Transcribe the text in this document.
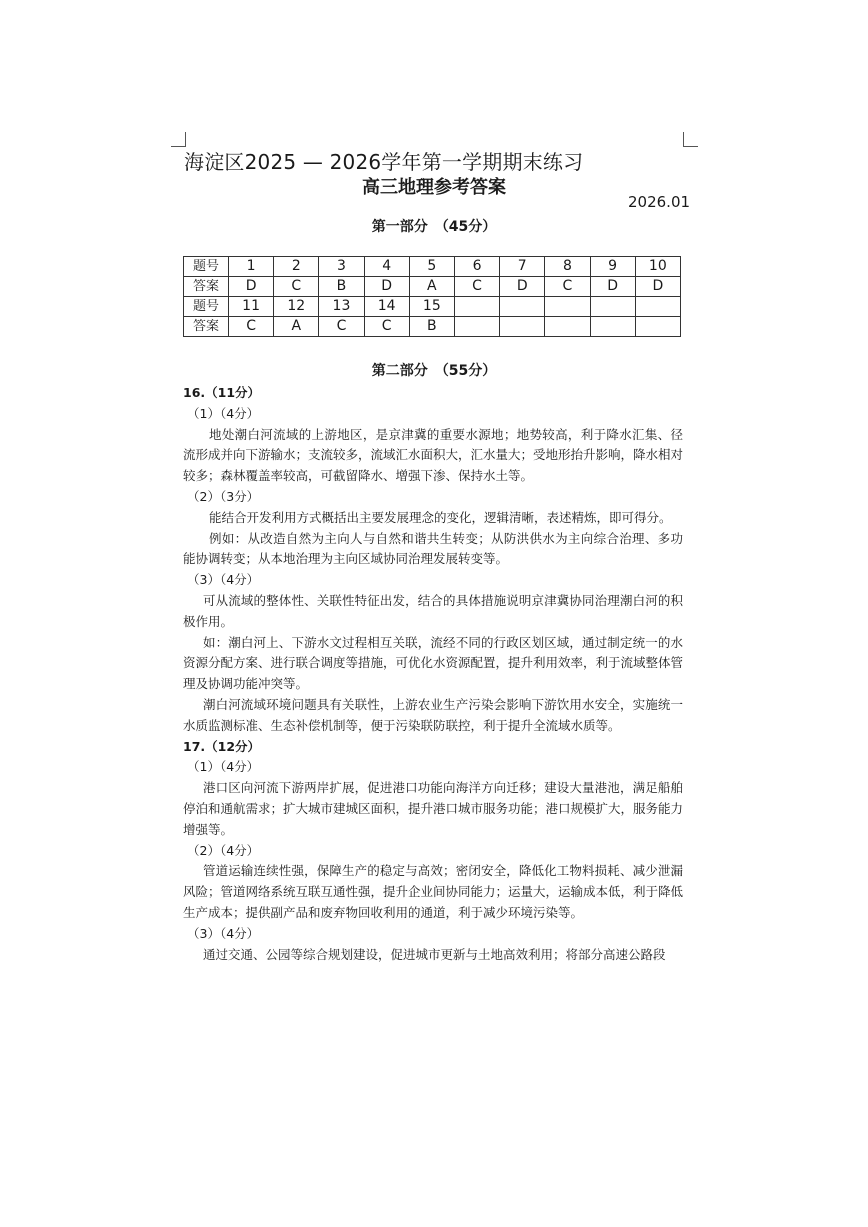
海淀区2025 — 2026学年第一学期期末练习
高三地理参考答案
2026.01
第一部分　（45分）
题号	1	2	3	4	5	6	7	8	9	10
答案	D	C	B	D	A	C	D	C	D	D
题号	11	12	13	14	15					
答案	C	A	C	C	B					
第二部分　（55分）

16.（11分）

（1）（4分）

地处潮白河流域的上游地区，是京津冀的重要水源地；地势较高，利于降水汇集、径流形成并向下游输水；支流较多，流域汇水面积大，汇水量大；受地形抬升影响，降水相对较多；森林覆盖率较高，可截留降水、增强下渗、保持水土等。

（2）（3分）

能结合开发利用方式概括出主要发展理念的变化，逻辑清晰，表述精炼，即可得分。

例如：从改造自然为主向人与自然和谐共生转变；从防洪供水为主向综合治理、多功能协调转变；从本地治理为主向区域协同治理发展转变等。

（3）（4分）

可从流域的整体性、关联性特征出发，结合的具体措施说明京津冀协同治理潮白河的积极作用。

如：潮白河上、下游水文过程相互关联，流经不同的行政区划区域，通过制定统一的水资源分配方案、进行联合调度等措施，可优化水资源配置，提升利用效率，利于流域整体管理及协调功能冲突等。

潮白河流域环境问题具有关联性，上游农业生产污染会影响下游饮用水安全，实施统一水质监测标准、生态补偿机制等，便于污染联防联控，利于提升全流域水质等。

17.（12分）

（1）（4分）

港口区向河流下游两岸扩展，促进港口功能向海洋方向迁移；建设大量港池，满足船舶停泊和通航需求；扩大城市建城区面积，提升港口城市服务功能；港口规模扩大，服务能力增强等。

（2）（4分）

管道运输连续性强，保障生产的稳定与高效；密闭安全，降低化工物料损耗、减少泄漏风险；管道网络系统互联互通性强，提升企业间协同能力；运量大，运输成本低，利于降低生产成本；提供副产品和废弃物回收利用的通道，利于减少环境污染等。

（3）（4分）

通过交通、公园等综合规划建设，促进城市更新与土地高效利用；将部分高速公路段
